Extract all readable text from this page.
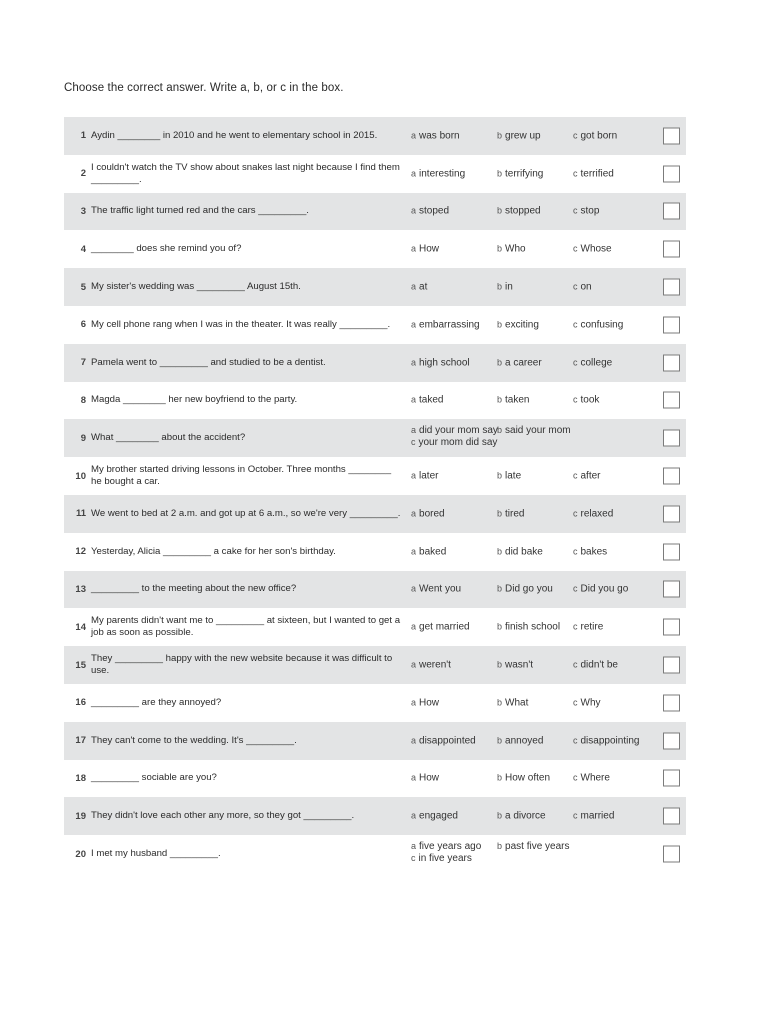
Choose the correct answer. Write a, b, or c in the box.
1 Aydin ________ in 2010 and he went to elementary school in 2015.	a was born	b grew up	c got born
2
I couldn't watch the TV show about snakes last night because I find them _________.
a interesting	b terrifying	c terrified
3 The traffic light turned red and the cars _________.	a stoped	b stopped	c stop
4 ________ does she remind you of?	a How	b Who	c Whose
5 My sister's wedding was _________ August 15th.	a at	b in	c on
6 My cell phone rang when I was in the theater. It was really _________.	a embarrassing b exciting	c confusing
7 Pamela went to _________ and studied to be a dentist.	a high school	b a career	c college
8 Magda ________ her new boyfriend to the party.	a taked	b taken	c took
9 What ________ about the accident?
a did your mom say b said your mom
c your mom did say
10
My brother started driving lessons in October. Three months ________ he bought a car.
a later	b late	c after
11 We went to bed at 2 a.m. and got up at 6 a.m., so we're very _________. a bored	b tired	c relaxed
12 Yesterday, Alicia _________ a cake for her son's birthday.	a baked	b did bake	c bakes
13 _________ to the meeting about the new office?	a Went you	b Did go you c Did you go
14
My parents didn't want me to _________ at sixteen, but I wanted to get a job as soon as possible.
a get married	b finish school c retire
15
They _________ happy with the new website because it was difficult to use.
a weren't	b wasn't	c didn't be
16 _________ are they annoyed?	a How	b What	c Why
17 They can't come to the wedding. It's _________.	a disappointed b annoyed	c disappointing
18 _________ sociable are you?	a How	b How often	c Where
19 They didn't love each other any more, so they got _________.	a engaged	b a divorce	c married
20 I met my husband _________.
a five years ago b past five years
c in five years
